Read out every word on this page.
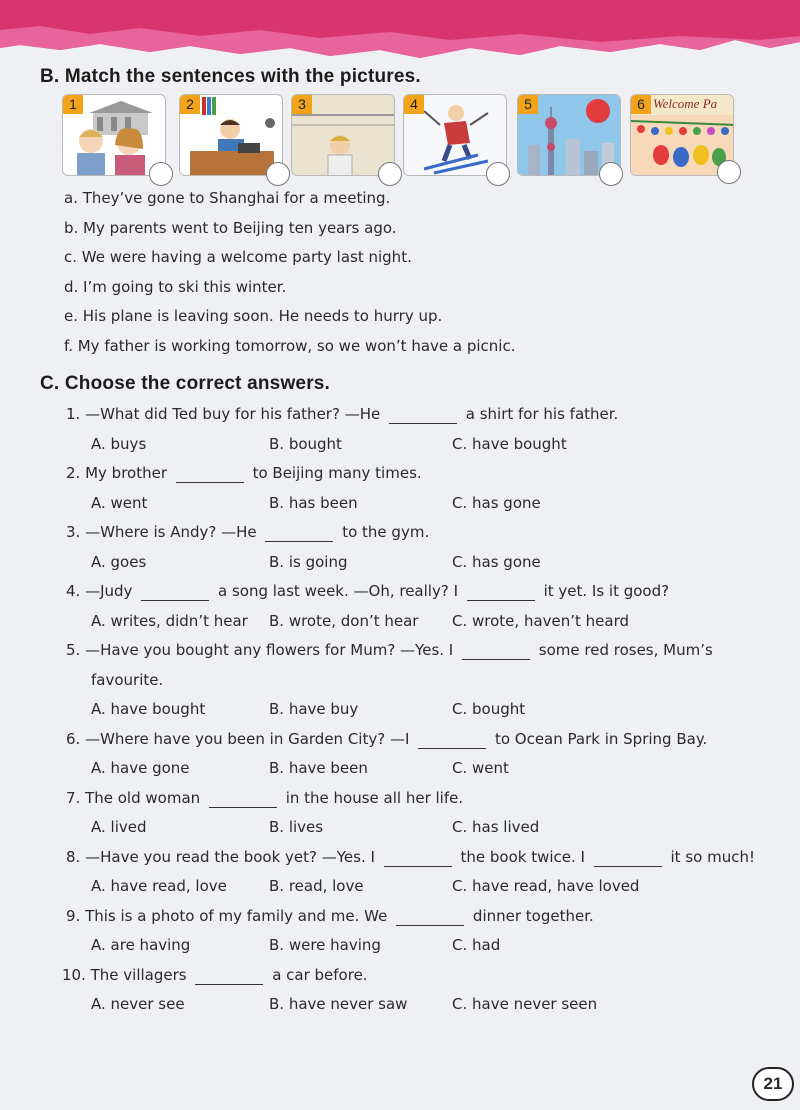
B. Match the sentences with the pictures.
1	2	3	4	5	6 Welcome Pa
a. They’ve gone to Shanghai for a meeting.
b. My parents went to Beijing ten years ago.
c. We were having a welcome party last night.
d. I’m going to ski this winter.
e. His plane is leaving soon. He needs to hurry up.
f. My father is working tomorrow, so we won’t have a picnic.
C. Choose the correct answers.
1. —What did Ted buy for his father? —He	a shirt for his father.
A. buys	B. bought	C. have bought
2. My brother	to Beijing many times.
A. went	B. has been	C. has gone
3. —Where is Andy? —He	to the gym.
A. goes	B. is going	C. has gone
4. —Judy	a song last week. —Oh, really? I	it yet. Is it good?
A. writes, didn’t hear B. wrote, don’t hear C. wrote, haven’t heard
5. —Have you bought any flowers for Mum? —Yes. I	some red roses, Mum’s
favourite.
A. have bought	B. have buy	C. bought
6. —Where have you been in Garden City? —I	to Ocean Park in Spring Bay.
A. have gone	B. have been	C. went
7. The old woman	in the house all her life.
A. lived	B. lives	C. has lived
8. —Have you read the book yet? —Yes. I	the book twice. I	it so much!
A. have read, love	B. read, love	C. have read, have loved
9. This is a photo of my family and me. We	dinner together.
A. are having	B. were having	C. had
10. The villagers	a car before.
A. never see	B. have never saw	C. have never seen
21
